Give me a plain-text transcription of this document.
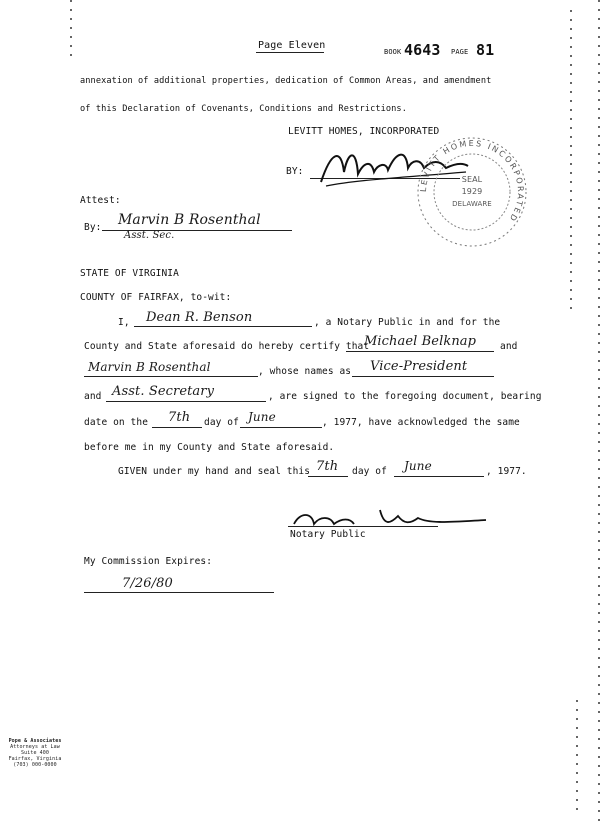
Page Eleven
BOOK 4643 PAGE 81
annexation of additional properties, dedication of Common Areas, and amendment
of this Declaration of Covenants, Conditions and Restrictions.
LEVITT HOMES, INCORPORATED
BY:
LEVITT HOMES INCORPORATED
SEAL
1929
DELAWARE
Attest:
By: Marvin B Rosenthal
Asst. Sec.
STATE OF VIRGINIA
COUNTY OF FAIRFAX, to-wit:
I, Dean R. Benson	, a Notary Public in and for the
County and State aforesaid do hereby certify that
Michael Belknap	and
Marvin B Rosenthal	, whose names as Vice-President
and Asst. Secretary	, are signed to the foregoing document, bearing
date on the 7th day of June	, 1977, have acknowledged the same
before me in my County and State aforesaid.
GIVEN under my hand and seal this 7th day of June	, 1977.
Notary Public
My Commission Expires:
7/26/80
Pope & Associates
Attorneys at Law
Suite 400
Fairfax, Virginia
(703) 000-0000
